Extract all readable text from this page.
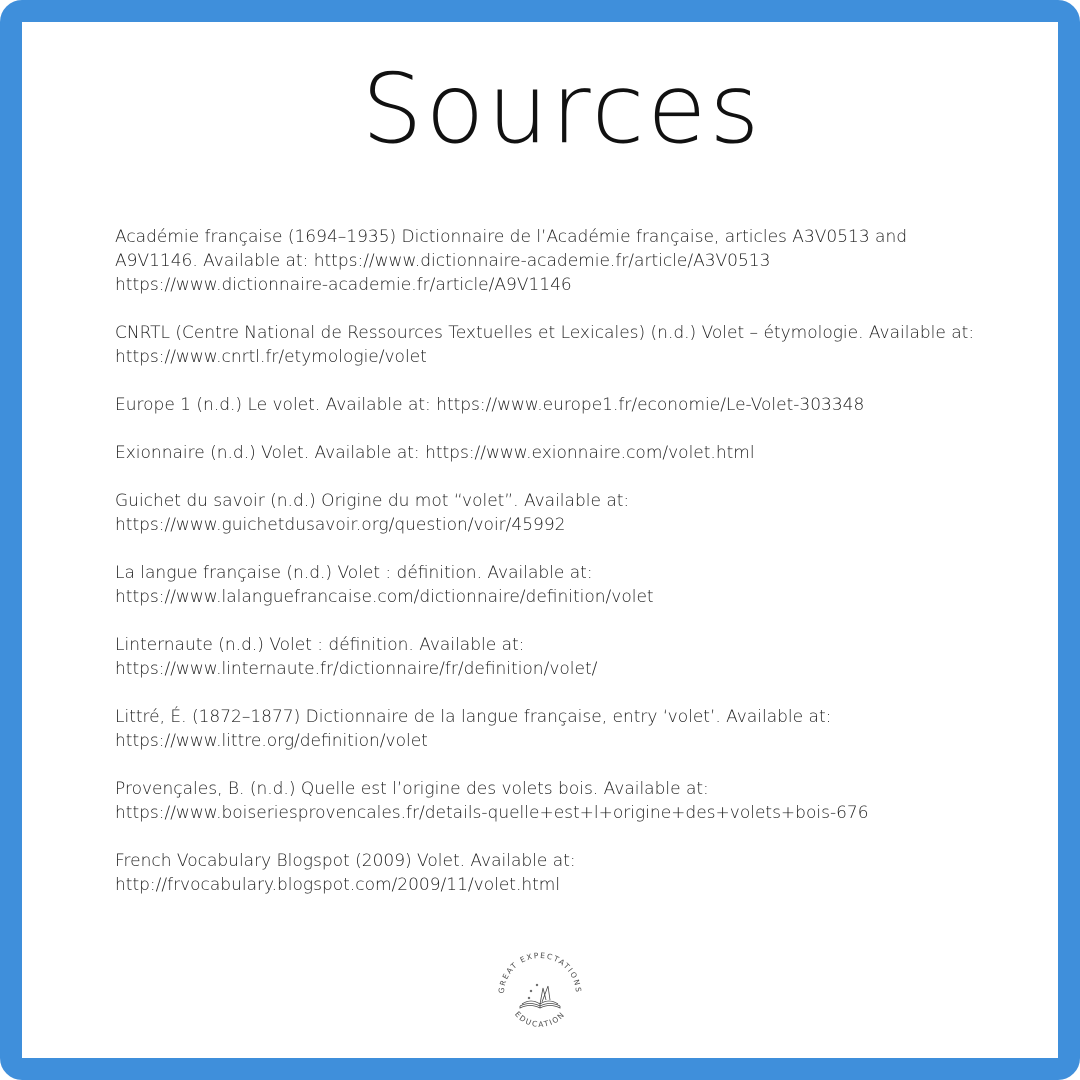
Sources
Académie française (1694–1935) Dictionnaire de l’Académie française, articles A3V0513 and
A9V1146. Available at: https://www.dictionnaire-academie.fr/article/A3V0513
https://www.dictionnaire-academie.fr/article/A9V1146
CNRTL (Centre National de Ressources Textuelles et Lexicales) (n.d.) Volet – étymologie. Available at:
https://www.cnrtl.fr/etymologie/volet
Europe 1 (n.d.) Le volet. Available at: https://www.europe1.fr/economie/Le-Volet-303348
Exionnaire (n.d.) Volet. Available at: https://www.exionnaire.com/volet.html
Guichet du savoir (n.d.) Origine du mot “volet”. Available at:
https://www.guichetdusavoir.org/question/voir/45992
La langue française (n.d.) Volet : définition. Available at:
https://www.lalanguefrancaise.com/dictionnaire/definition/volet
Linternaute (n.d.) Volet : définition. Available at:
https://www.linternaute.fr/dictionnaire/fr/definition/volet/
Littré, É. (1872–1877) Dictionnaire de la langue française, entry ‘volet’. Available at:
https://www.littre.org/definition/volet
Provençales, B. (n.d.) Quelle est l’origine des volets bois. Available at:
https://www.boiseriesprovencales.fr/details-quelle+est+l+origine+des+volets+bois-676
French Vocabulary Blogspot (2009) Volet. Available at:
http://frvocabulary.blogspot.com/2009/11/volet.html
GREAT EXPECTATIONS
EDUCATION
